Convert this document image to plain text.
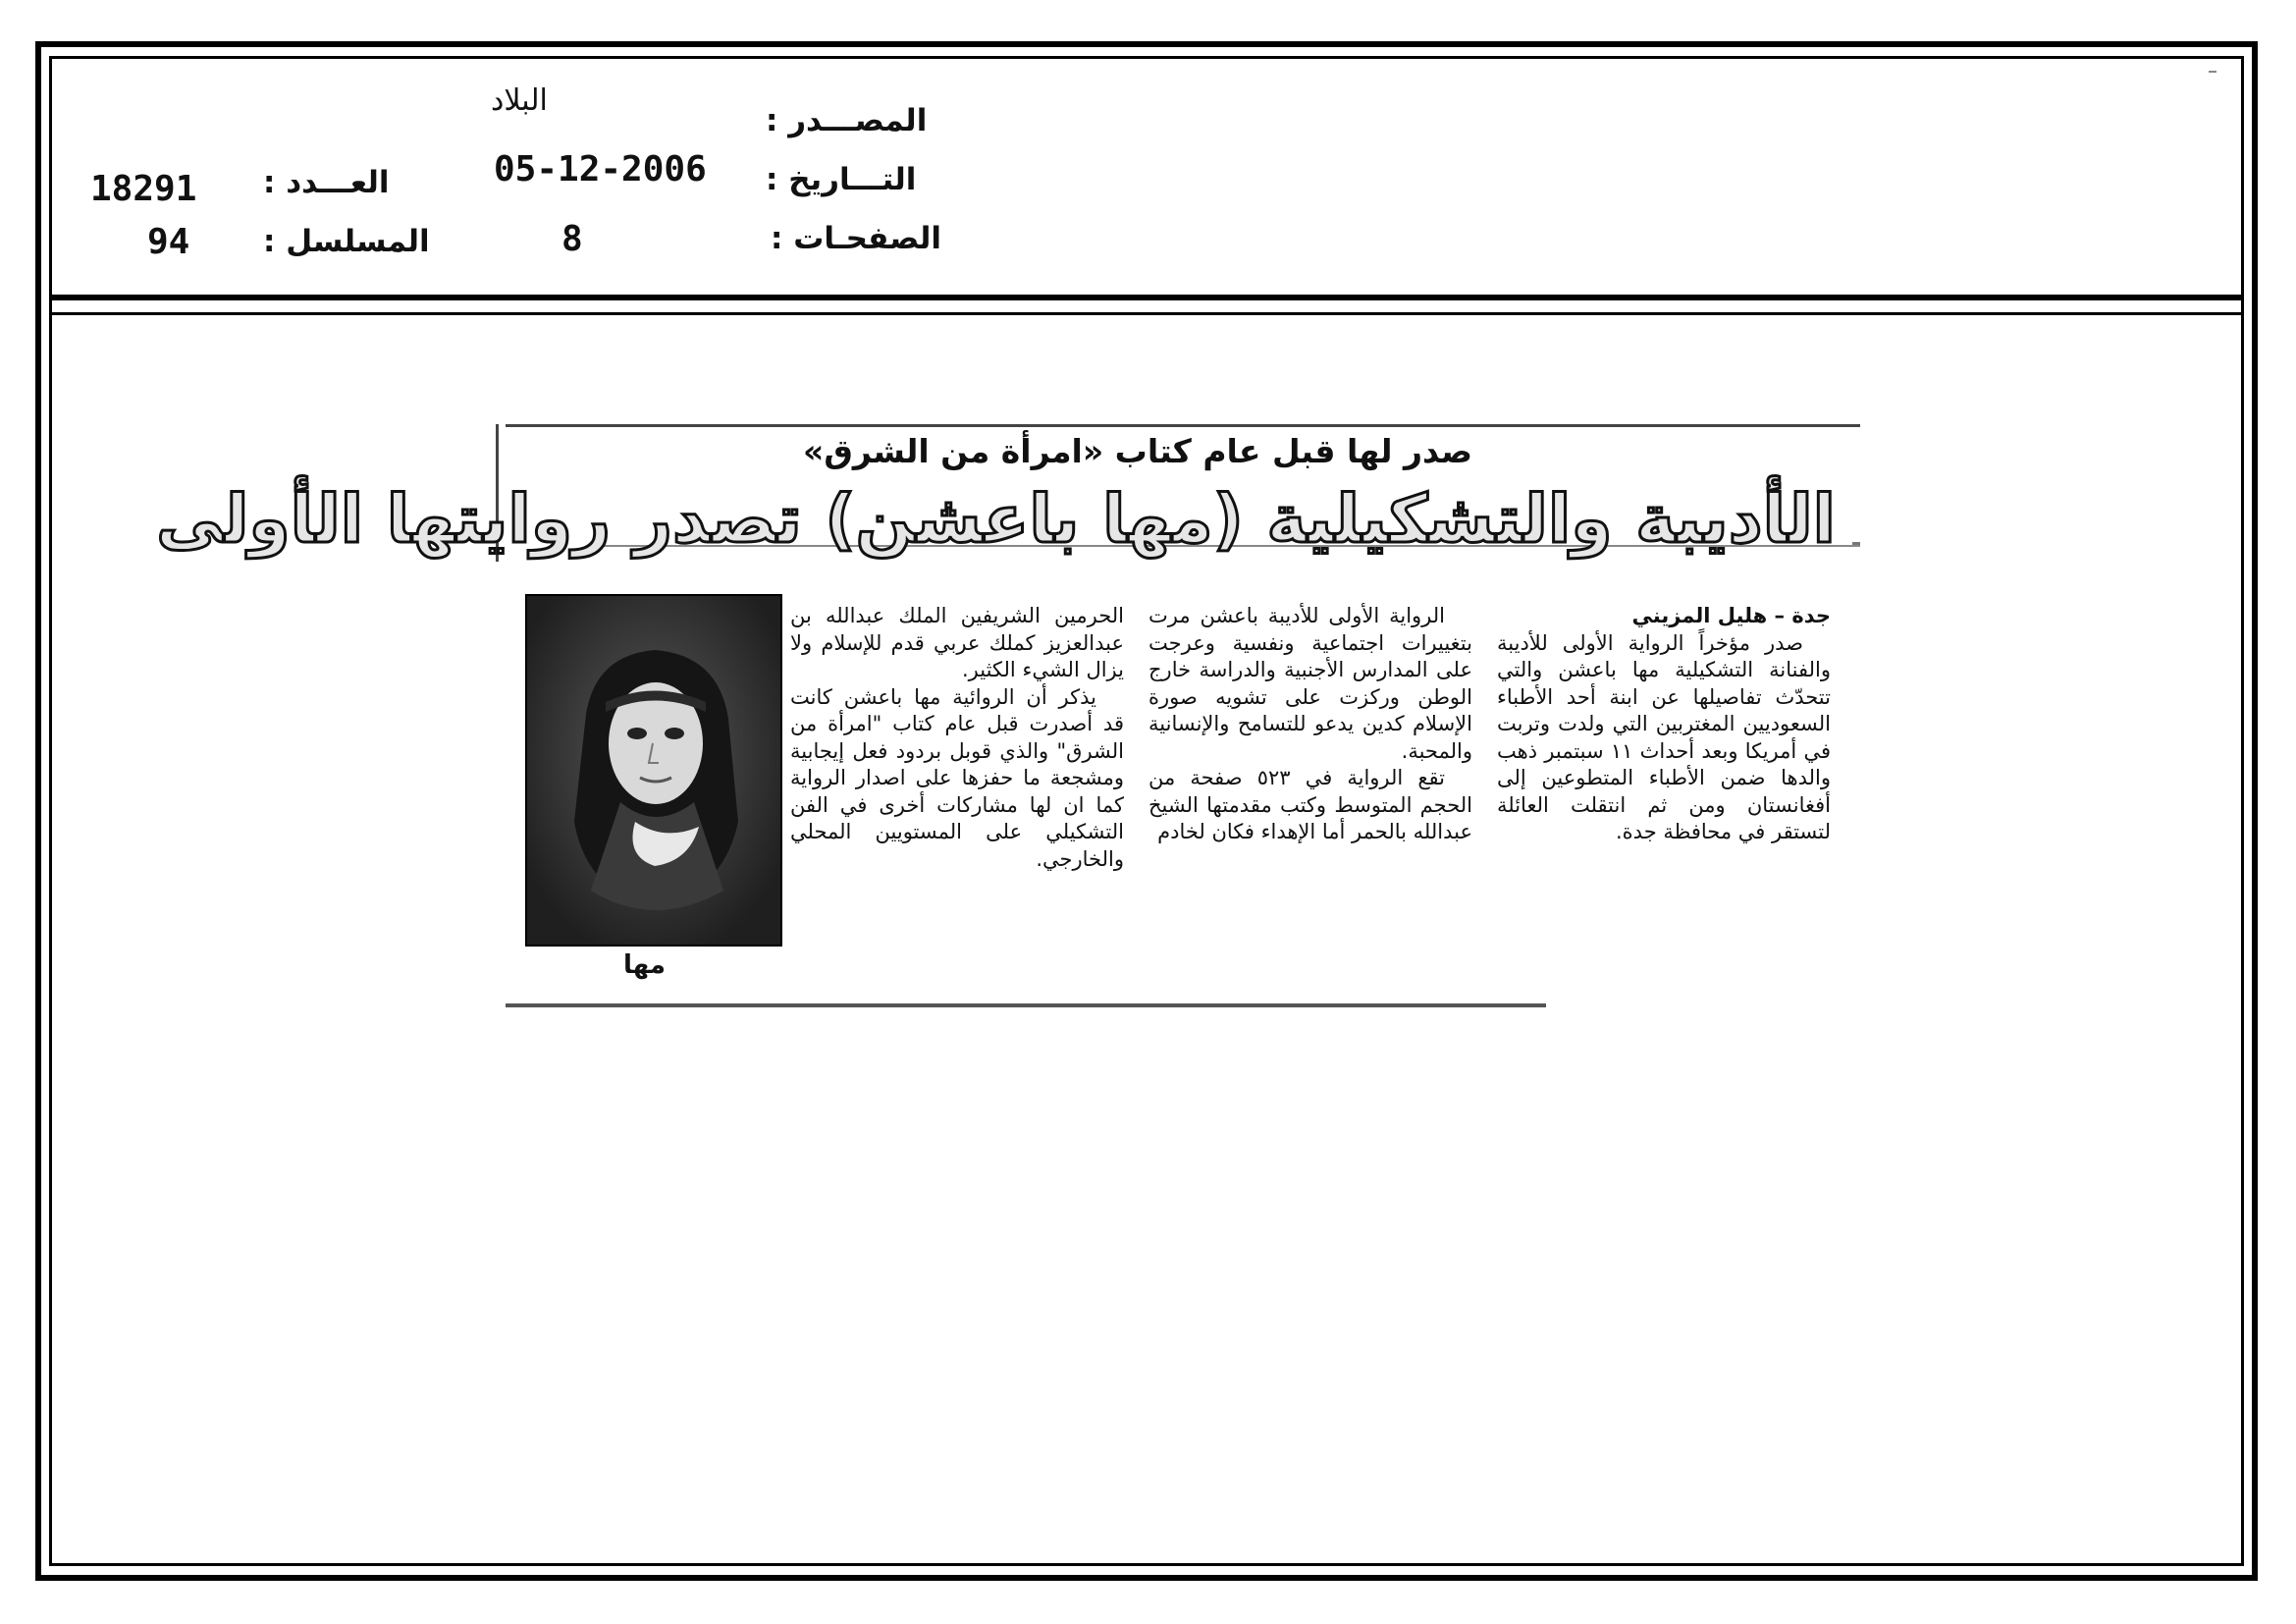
المصـــدر :
البلاد
التـــاريخ :
05-12-2006
الصفحـات :
8
العـــدد :
18291
المسلسل :
94
صدر لها قبل عام كتاب «امرأة من الشرق»
الأديبة والتشكيلية (مها باعشن) تصدر روايتها الأولى

جدة – هليل المزيني

صدر مؤخراً الرواية الأولى للأديبة والفنانة التشكيلية مها باعشن والتي تتحدّث تفاصيلها عن ابنة أحد الأطباء السعوديين المغتربين التي ولدت وتربت في أمريكا وبعد أحداث ١١ سبتمبر ذهب والدها ضمن الأطباء المتطوعين إلى أفغانستان ومن ثم انتقلت العائلة لتستقر في محافظة جدة.

الرواية الأولى للأديبة باعشن مرت بتغييرات اجتماعية ونفسية وعرجت على المدارس الأجنبية والدراسة خارج الوطن وركزت على تشويه صورة الإسلام كدين يدعو للتسامح والإنسانية والمحبة.

تقع الرواية في ٥٢٣ صفحة من الحجم المتوسط وكتب مقدمتها الشيخ عبدالله بالحمر أما الإهداء فكان لخادم

الحرمين الشريفين الملك عبدالله بن عبدالعزيز كملك عربي قدم للإسلام ولا يزال الشيء الكثير.

يذكر أن الروائية مها باعشن كانت قد أصدرت قبل عام كتاب "امرأة من الشرق" والذي قوبل بردود فعل إيجابية ومشجعة ما حفزها على اصدار الرواية كما ان لها مشاركات أخرى في الفن التشكيلي على المستويين المحلي والخارجي.

مها
